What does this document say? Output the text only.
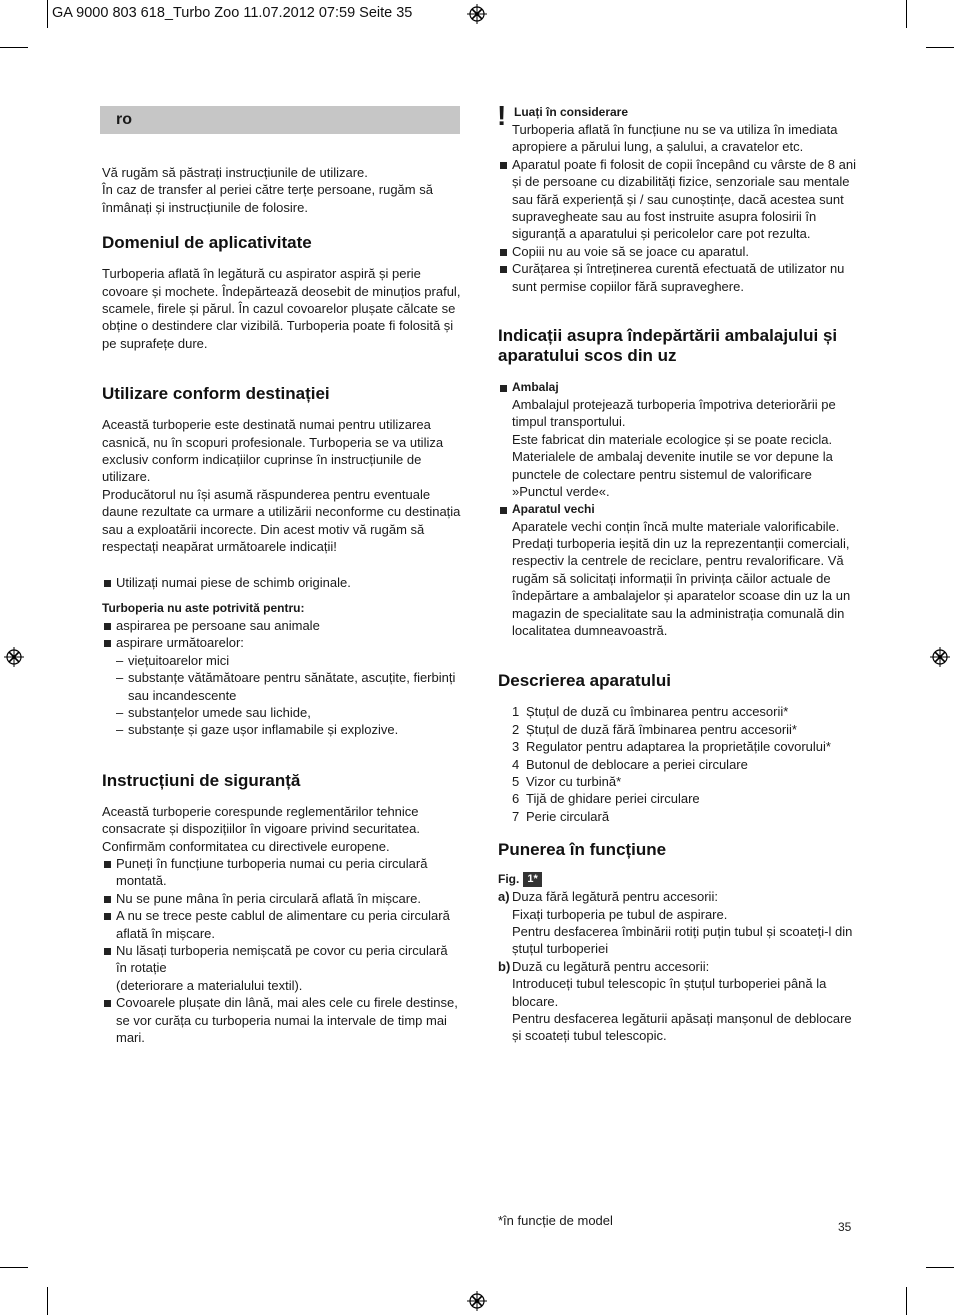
GA 9000 803 618_Turbo Zoo 11.07.2012 07:59 Seite 35
ro

Vă rugăm să păstrați instrucțiunile de utilizare.
În caz de transfer al periei către terțe persoane, rugăm să înmânați și instrucțiunile de folosire.

Domeniul de aplicativitate

Turboperia aflată în legătură cu aspirator aspiră și perie covoare și mochete. Îndepărtează deosebit de minuțios praful, scamele, firele și părul. În cazul covoarelor plușate călcate se obține o destindere clar vizibilă. Turboperia poate fi folosită și pe suprafețe dure.

Utilizare conform destinației

Această turboperie este destinată numai pentru utilizarea casnică, nu în scopuri profesionale. Turboperia se va utiliza exclusiv conform indicațiilor cuprinse în instrucțiunile de utilizare.
Producătorul nu își asumă răspunderea pentru eventuale daune rezultate ca urmare a utilizării neconforme cu destinația sau a exploatării incorecte. Din acest motiv vă rugăm să respectați neapărat următoarele indicații!

Utilizați numai piese de schimb originale.
Turboperia nu aste potrivită pentru:
aspirarea pe persoane sau animale
aspirare următoarelor:
– viețuitoarelor mici
– substanțe vătămătoare pentru sănătate, ascuțite, fierbinți sau incandescente
– substanțelor umede sau lichide,
– substanțe și gaze ușor inflamabile și explozive.
Instrucțiuni de siguranță

Această turboperie corespunde reglementărilor tehnice consacrate și dispozițiilor în vigoare privind securitatea.
Confirmăm conformitatea cu directivele europene.

Puneți în funcțiune turboperia numai cu peria circulară montată.
Nu se pune mâna în peria circulară aflată în mișcare.
A nu se trece peste cablul de alimentare cu peria circulară aflată în mișcare.
Nu lăsați turboperia nemișcată pe covor cu peria circulară în rotație
(deteriorare a materialului textil).
Covoarele plușate din lână, mai ales cele cu firele destinse, se vor curăța cu turboperia numai la intervale de timp mai mari.
! Luați în considerare

Turboperia aflată în funcțiune nu se va utiliza în imediata apropiere a părului lung, a șalului, a cravatelor etc.

Aparatul poate fi folosit de copii începând cu vârste de 8 ani și de persoane cu dizabilități fizice, senzoriale sau mentale sau fără experiență și / sau cunoștințe, dacă acestea sunt supravegheate sau au fost instruite asupra folosirii în siguranță a aparatului și pericolelor care pot rezulta.
Copiii nu au voie să se joace cu aparatul.
Curățarea și întreținerea curentă efectuată de utilizator nu sunt permise copiilor fără supraveghere.
Indicații asupra îndepărtării ambalajului și aparatului scos din uz
Ambalaj

Ambalajul protejează turboperia împotriva deteriorării pe timpul transportului.
Este fabricat din materiale ecologice și se poate recicla.
Materialele de ambalaj devenite inutile se vor depune la punctele de colectare pentru sistemul de valorificare »Punctul verde«.

Aparatul vechi

Aparatele vechi conțin încă multe materiale valorificabile.
Predați turboperia ieșită din uz la reprezentanții comerciali, respectiv la centrele de reciclare, pentru revalorificare. Vă rugăm să solicitați informații în privința căilor actuale de îndepărtare a ambalajelor și aparatelor scoase din uz la un magazin de specialitate sau la administrația comunală din localitatea dumneavoastră.

Descrierea aparatului
1 Ștuțul de duză cu îmbinarea pentru accesorii*
2 Ștuțul de duză fără îmbinarea pentru accesorii*
3 Regulator pentru adaptarea la proprietățile covorului*
4 Butonul de deblocare a periei circulare
5 Vizor cu turbină*
6 Tijă de ghidare periei circulare
7 Perie circulară
Punerea în funcțiune
Fig. 1*
a) Duza fără legătură pentru accesorii:
Fixați turboperia pe tubul de aspirare.
Pentru desfacerea îmbinării rotiți puțin tubul și scoateți-l din ștuțul turboperiei

b) Duză cu legătură pentru accesorii:
Introduceți tubul telescopic în ștuțul turboperiei până la blocare.
Pentru desfacerea legăturii apăsați manșonul de deblocare și scoateți tubul telescopic.

*în funcție de model	35
